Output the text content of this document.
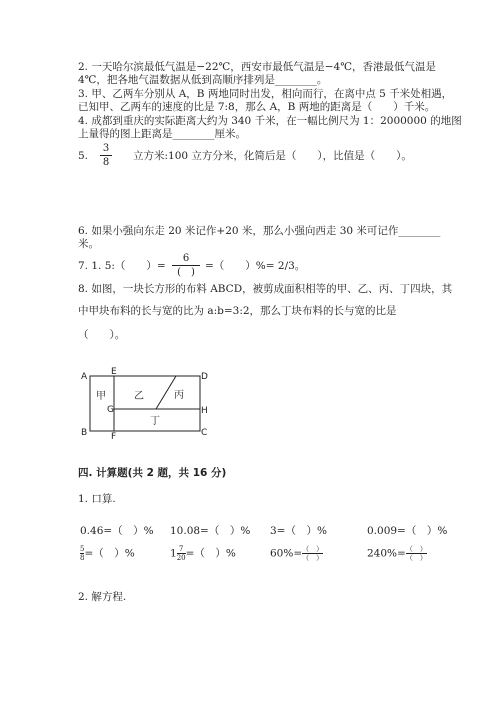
2. 一天哈尔滨最低气温是−22℃，西安市最低气温是−4℃，香港最低气温是
4℃，把各地气温数据从低到高顺序排列是________。
3. 甲、乙两车分别从 A，B 两地同时出发，相向而行，在离中点 5 千米处相遇，
已知甲、乙两车的速度的比是 7:8，那么 A，B 两地的距离是（　　）千米。
4. 成都到重庆的实际距离大约为 340 千米，在一幅比例尺为 1：2000000 的地图
上量得的图上距离是________厘米。
5.
3
8
立方米:100 立方分米，化简后是（　　），比值是（　　）。
6. 如果小强向东走 20 米记作+20 米，那么小强向西走 30 米可记作________
米。
7. 1. 5:（　　）=
6
(　)
=（　　）%= 2/3。
8. 如图，一块长方形的布料 ABCD，被剪成面积相等的甲、乙、丙、丁四块，其
中甲块布料的长与宽的比为 a:b=3:2，那么丁块布料的长与宽的比是
（　　）。
A	E	D
B	F	C
G	H
甲	乙	丙
丁
四. 计算题(共 2 题，共 16 分)
1. 口算.
0.46=（　）% 10.08=（　）% 3=（　）%	0.009=（　）%
$\frac{5}{8}$ =（　）%	$1 \frac{7}{20}$ =（　）%	$60\%= \frac{( )}{( )}$	$240\%= \frac{( )}{( )}$
2. 解方程.
